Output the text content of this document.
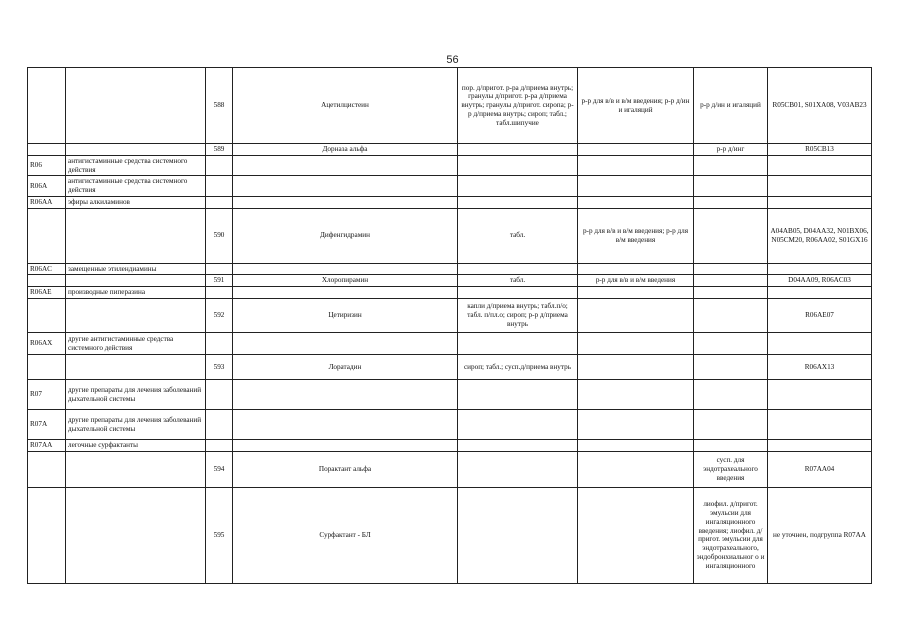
56
		588	Ацетилцистеин	пор. д/пригот. р-ра д/приема внутрь; гранулы д/пригот. р-ра д/приема внутрь; гранулы д/пригот. сиропа; р-р д/приема внутрь; сироп; табл.; табл.шипучие	р-р для в/в и в/м введения; р-р д/ин и игаляций	р-р д/ин и игаляций	R05CB01, S01XA08, V03AB23
		589	Дорназа альфа			р-р д/инг	R05CB13
R06	антигистаминные средства системного действия						
R06A	антигистаминные средства системного действия						
R06AA	эфиры алкиламинов						
		590	Дифенгидрамин	табл.	р-р для в/в и в/м введения; р-р для в/м введения		A04AB05, D04AA32, N01BX06, N05CM20, R06AA02, S01GX16
R06AC	замещенные этилендиамины						
		591	Хлоропирамин	табл.	р-р для в/в и в/м введения		D04AA09, R06AC03
R06AE	производные пиперазина						
		592	Цетиризин	капли д/приема внутрь; табл.п/о; табл. п/пл.о; сироп; р-р д/приема внутрь			R06AE07
R06AX	другие антигистаминные средства системного действия						
		593	Лоратадин	сироп; табл.; сусп.д/приема внутрь			R06AX13
R07	другие препараты для лечения заболеваний дыхательной системы						
R07A	другие препараты для лечения заболеваний дыхательной системы						
R07AA	легочные сурфактанты						
		594	Порактант альфа			сусп. для эндотрахеального введения	R07AA04
		595	Сурфактант - БЛ			лиофил. д/пригот. эмульсии для ингаляционного введения; лиофил. д/пригот. эмульсии для эндотрахеального, эндобронхиальног о и ингаляционного	не уточнен, подгруппа R07AA
